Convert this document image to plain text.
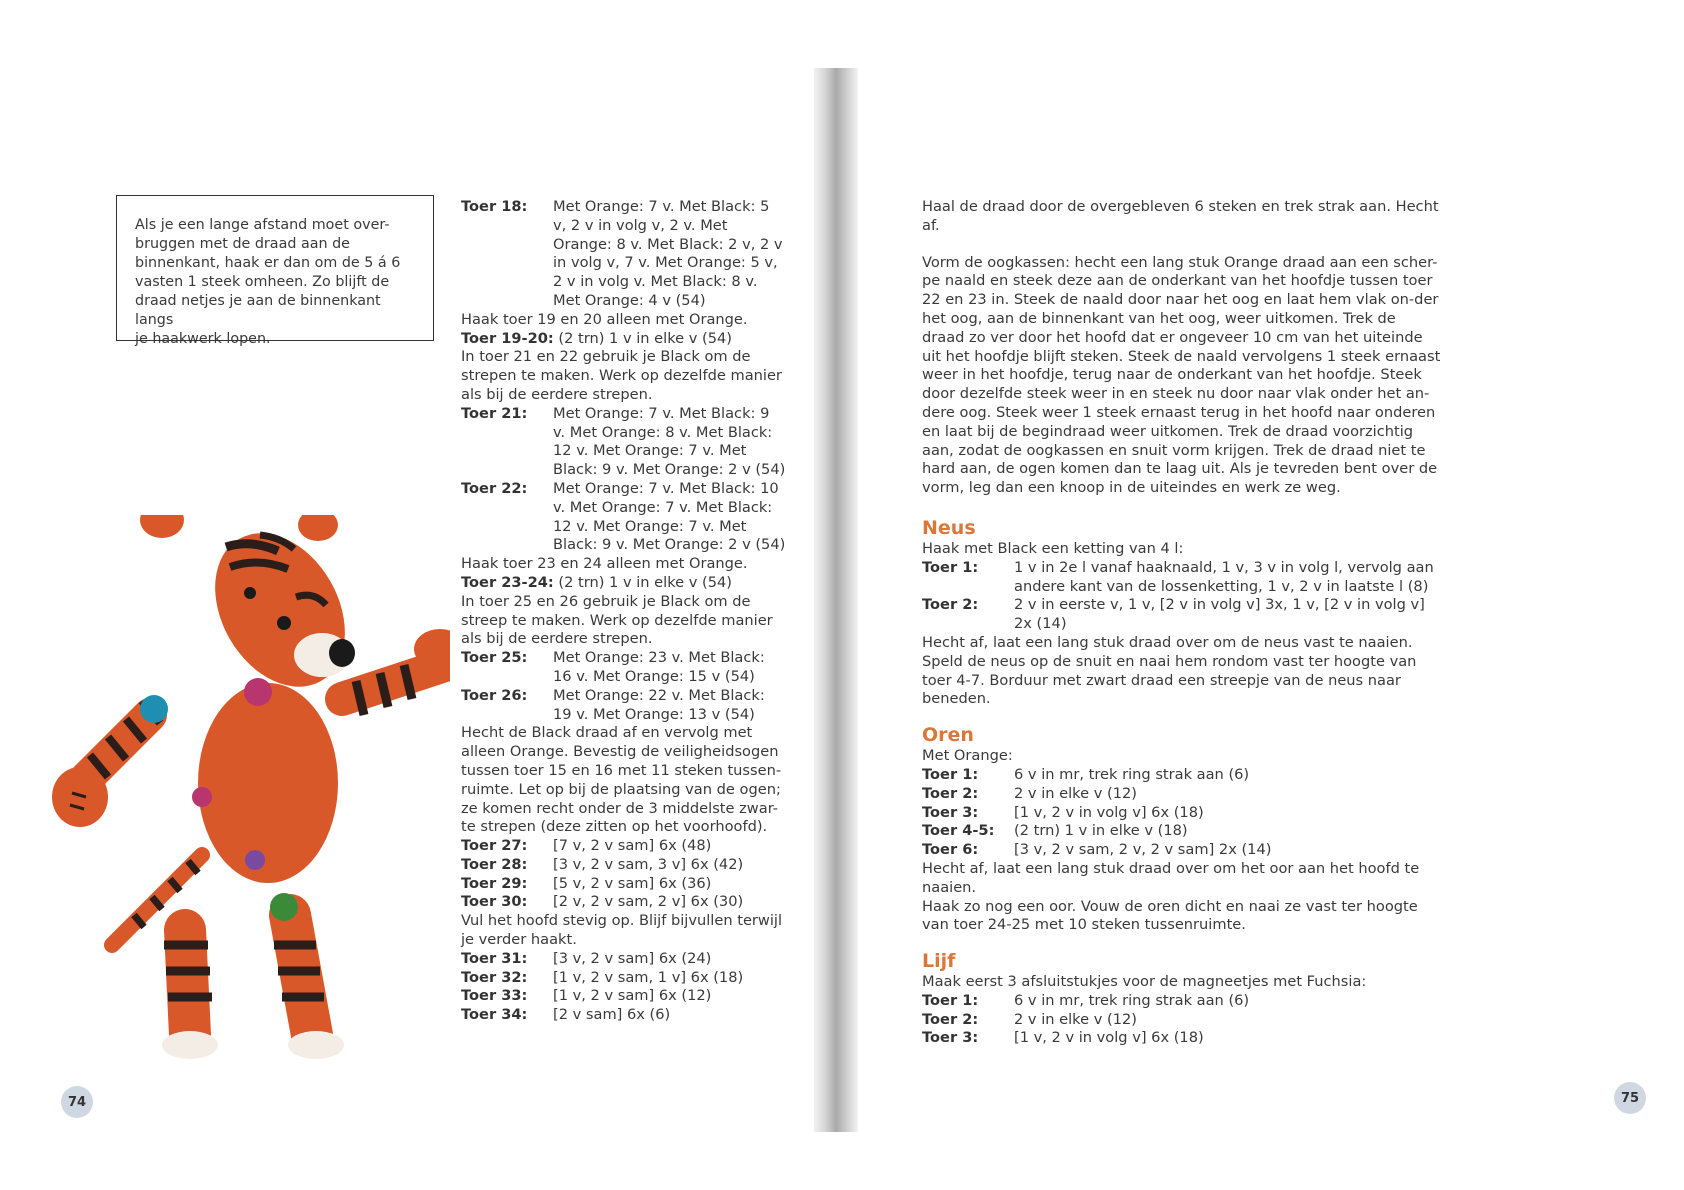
Als je een lange afstand moet over-

bruggen met de draad aan de

binnenkant, haak er dan om de 5 á 6

vasten 1 steek omheen. Zo blijft de

draad netjes je aan de binnenkant langs

je haakwerk lopen.

Toer 18:	Met Orange: 7 v. Met Black: 5 v, 2 v in volg v, 2 v. Met Orange: 8 v. Met Black: 2 v, 2 v in volg v, 7 v. Met Orange: 5 v, 2 v in volg v. Met Black: 8 v. Met Orange: 4 v (54)

Haak toer 19 en 20 alleen met Orange.

Toer 19-20: (2 trn) 1 v in elke v (54)

In toer 21 en 22 gebruik je Black om de strepen te maken. Werk op dezelfde manier als bij de eerdere strepen.

Toer 21:	Met Orange: 7 v. Met Black: 9 v. Met Orange: 8 v. Met Black: 12 v. Met Orange: 7 v. Met Black: 9 v. Met Orange: 2 v (54)
Toer 22:	Met Orange: 7 v. Met Black: 10 v. Met Orange: 7 v. Met Black: 12 v. Met Orange: 7 v. Met Black: 9 v. Met Orange: 2 v (54)

Haak toer 23 en 24 alleen met Orange.

Toer 23-24: (2 trn) 1 v in elke v (54)

In toer 25 en 26 gebruik je Black om de streep te maken. Werk op dezelfde manier als bij de eerdere strepen.

Toer 25:	Met Orange: 23 v. Met Black: 16 v. Met Orange: 15 v (54)
Toer 26:	Met Orange: 22 v. Met Black: 19 v. Met Orange: 13 v (54)

Hecht de Black draad af en vervolg met alleen Orange. Bevestig de veiligheidsogen tussen toer 15 en 16 met 11 steken tussen-ruimte. Let op bij de plaatsing van de ogen; ze komen recht onder de 3 middelste zwar-te strepen (deze zitten op het voorhoofd).

Toer 27:	[7 v, 2 v sam] 6x (48)
Toer 28:	[3 v, 2 v sam, 3 v] 6x (42)
Toer 29:	[5 v, 2 v sam] 6x (36)
Toer 30:	[2 v, 2 v sam, 2 v] 6x (30)

Vul het hoofd stevig op. Blijf bijvullen terwijl je verder haakt.

Toer 31:	[3 v, 2 v sam] 6x (24)
Toer 32:	[1 v, 2 v sam, 1 v] 6x (18)
Toer 33:	[1 v, 2 v sam] 6x (12)
Toer 34:	[2 v sam] 6x (6)

Haal de draad door de overgebleven 6 steken en trek strak aan. Hecht af.

Vorm de oogkassen: hecht een lang stuk Orange draad aan een scher-pe naald en steek deze aan de onderkant van het hoofdje tussen toer 22 en 23 in. Steek de naald door naar het oog en laat hem vlak on-der het oog, aan de binnenkant van het oog, weer uitkomen. Trek de draad zo ver door het hoofd dat er ongeveer 10 cm van het uiteinde uit het hoofdje blijft steken. Steek de naald vervolgens 1 steek ernaast weer in het hoofdje, terug naar de onderkant van het hoofdje. Steek door dezelfde steek weer in en steek nu door naar vlak onder het an-dere oog. Steek weer 1 steek ernaast terug in het hoofd naar onderen en laat bij de begindraad weer uitkomen. Trek de draad voorzichtig aan, zodat de oogkassen en snuit vorm krijgen. Trek de draad niet te hard aan, de ogen komen dan te laag uit. Als je tevreden bent over de vorm, leg dan een knoop in de uiteindes en werk ze weg.

Neus

Haak met Black een ketting van 4 l:

Toer 1:	1 v in 2e l vanaf haaknaald, 1 v, 3 v in volg l, vervolg aan andere kant van de lossenketting, 1 v, 2 v in laatste l (8)
Toer 2:	2 v in eerste v, 1 v, [2 v in volg v] 3x, 1 v, [2 v in volg v] 2x (14)

Hecht af, laat een lang stuk draad over om de neus vast te naaien. Speld de neus op de snuit en naai hem rondom vast ter hoogte van toer 4-7. Borduur met zwart draad een streepje van de neus naar beneden.

Oren

Met Orange:

Toer 1:	6 v in mr, trek ring strak aan (6)
Toer 2:	2 v in elke v (12)
Toer 3:	[1 v, 2 v in volg v] 6x (18)
Toer 4-5:	(2 trn) 1 v in elke v (18)
Toer 6:	[3 v, 2 v sam, 2 v, 2 v sam] 2x (14)

Hecht af, laat een lang stuk draad over om het oor aan het hoofd te naaien.

Haak zo nog een oor. Vouw de oren dicht en naai ze vast ter hoogte van toer 24-25 met 10 steken tussenruimte.

Lijf

Maak eerst 3 afsluitstukjes voor de magneetjes met Fuchsia:

Toer 1:	6 v in mr, trek ring strak aan (6)
Toer 2:	2 v in elke v (12)
Toer 3:	[1 v, 2 v in volg v] 6x (18)
74	75
